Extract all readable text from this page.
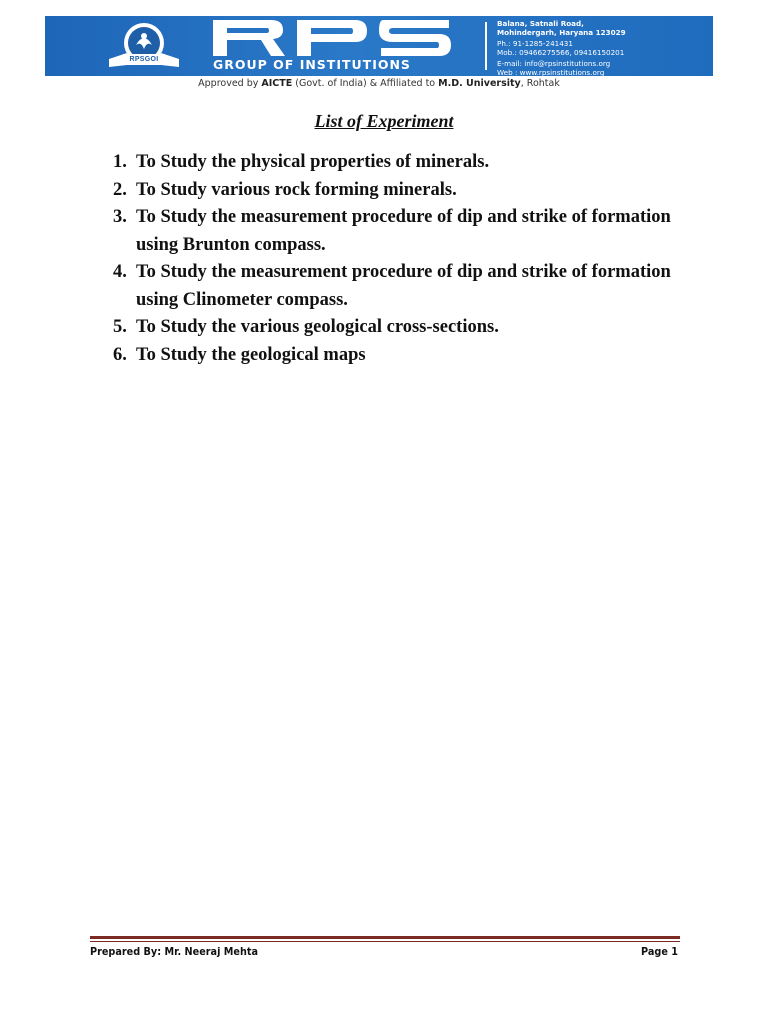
RPSGOI	GROUP OF INSTITUTIONS
Balana, Satnali Road,
Mohindergarh, Haryana 123029
Ph.: 91-1285-241431
Mob.: 09466275566, 09416150201
E-mail: info@rpsinstitutions.org
Web : www.rpsinstitutions.org
Approved by AICTE (Govt. of India) & Affiliated to M.D. University, Rohtak
List of Experiment
1. To Study the physical properties of minerals.
2. To Study various rock forming minerals.
3. To Study the measurement procedure of dip and strike of formation using Brunton compass.
4. To Study the measurement procedure of dip and strike of formation using Clinometer compass.
5. To Study the various geological cross-sections.
6. To Study the geological maps
Prepared By: Mr. Neeraj Mehta	Page 1
